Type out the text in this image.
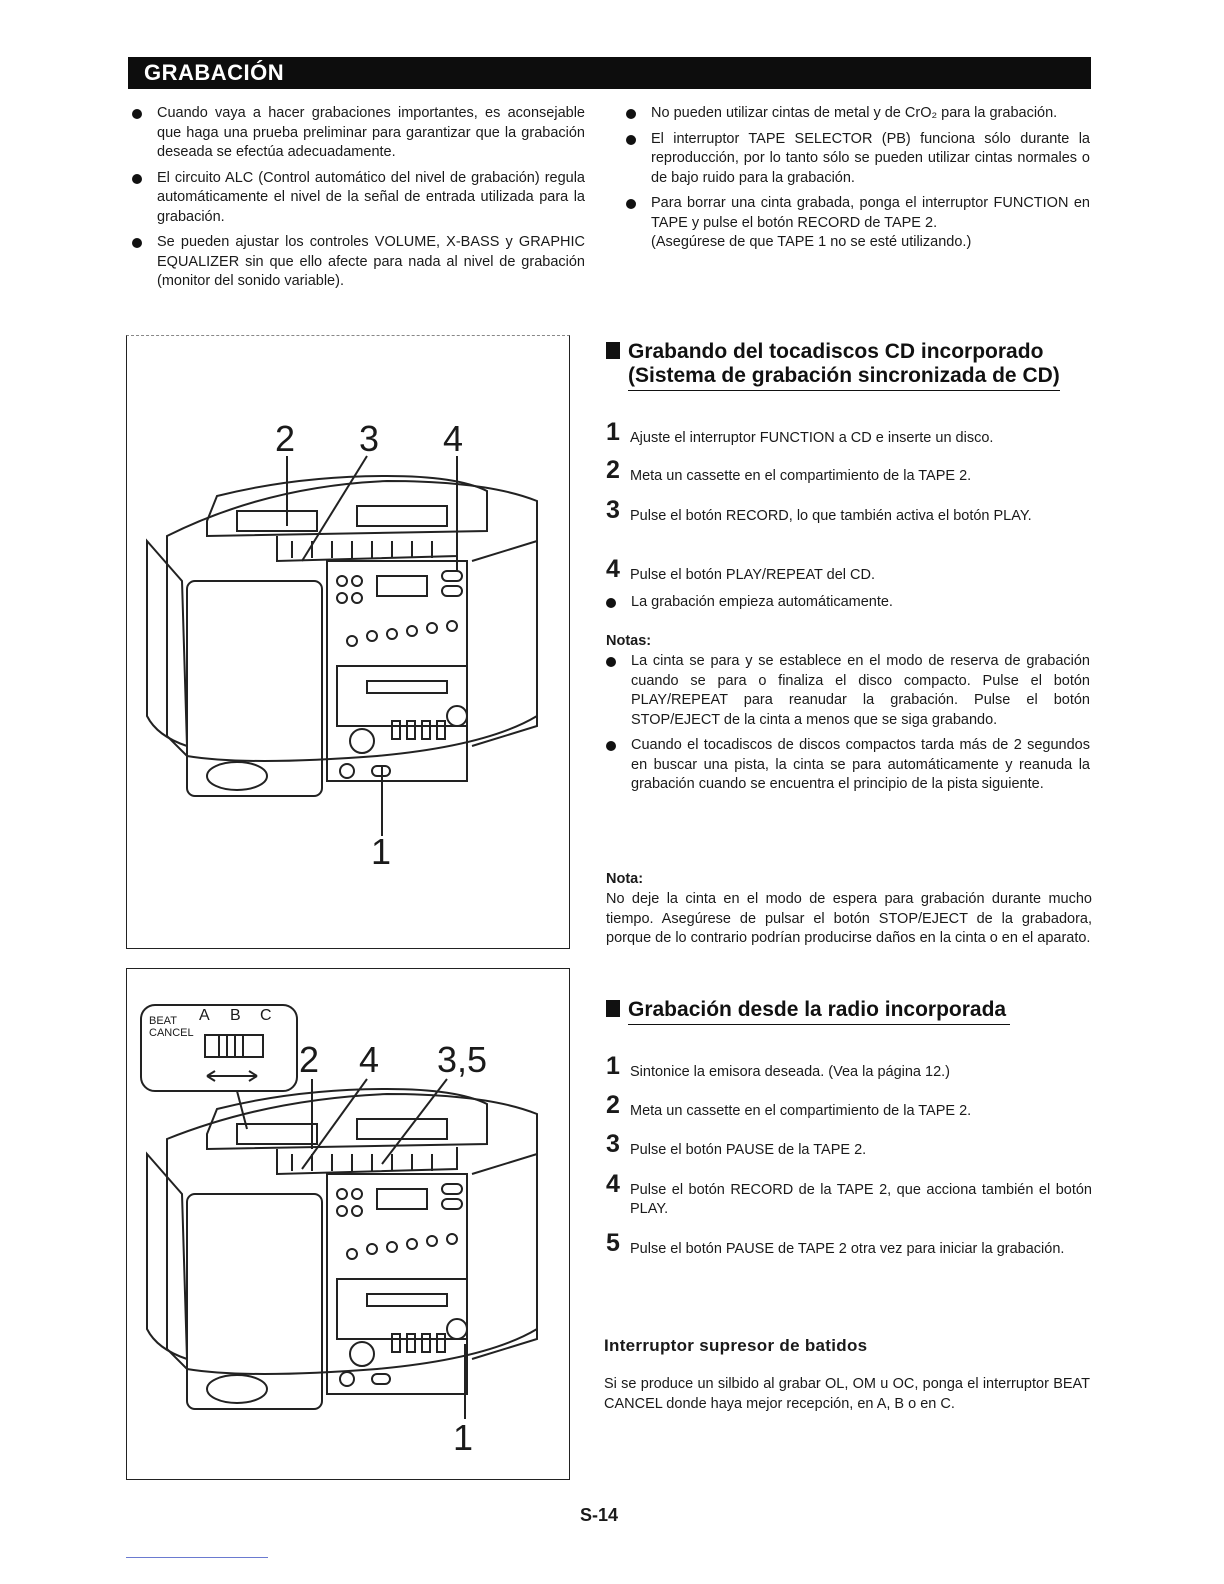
GRABACIÓN
Cuando vaya a hacer grabaciones importantes, es aconsejable que haga una prueba preliminar para garantizar que la grabación deseada se efectúa adecuadamente.
El circuito ALC (Control automático del nivel de grabación) regula automáticamente el nivel de la señal de entrada utilizada para la grabación.
Se pueden ajustar los controles VOLUME, X-BASS y GRAPHIC EQUALIZER sin que ello afecte para nada al nivel de grabación (monitor del sonido variable).
No pueden utilizar cintas de metal y de CrO₂ para la grabación.
El interruptor TAPE SELECTOR (PB) funciona sólo durante la reproducción, por lo tanto sólo se pueden utilizar cintas normales o de bajo ruido para la grabación.
Para borrar una cinta grabada, ponga el interruptor FUNCTION en TAPE y pulse el botón RECORD de TAPE 2.
(Asegúrese de que TAPE 1 no se esté utilizando.)
2 3 4
1
BEAT
CANCEL
A B C
2 4 3,5
1
Grabando del tocadiscos CD incorporado
(Sistema de grabación sincronizada de CD)
1 Ajuste el interruptor FUNCTION a CD e inserte un disco.
2 Meta un cassette en el compartimiento de la TAPE 2.
3 Pulse el botón RECORD, lo que también activa el botón PLAY.
4 Pulse el botón PLAY/REPEAT del CD.
La grabación empieza automáticamente.
Notas:
La cinta se para y se establece en el modo de reserva de grabación cuando se para o finaliza el disco compacto. Pulse el botón PLAY/REPEAT para reanudar la grabación. Pulse el botón STOP/EJECT de la cinta a menos que se siga grabando.
Cuando el tocadiscos de discos compactos tarda más de 2 segundos en buscar una pista, la cinta se para automáticamente y reanuda la grabación cuando se encuentra el principio de la pista siguiente.
Nota:
No deje la cinta en el modo de espera para grabación durante mucho tiempo. Asegúrese de pulsar el botón STOP/EJECT de la grabadora, porque de lo contrario podrían producirse daños en la cinta o en el aparato.
Grabación desde la radio incorporada
1 Sintonice la emisora deseada. (Vea la página 12.)
2 Meta un cassette en el compartimiento de la TAPE 2.
3 Pulse el botón PAUSE de la TAPE 2.
4 Pulse el botón RECORD de la TAPE 2, que acciona también el botón PLAY.
5 Pulse el botón PAUSE de TAPE 2 otra vez para iniciar la grabación.
Interruptor supresor de batidos
Si se produce un silbido al grabar OL, OM u OC, ponga el interruptor BEAT CANCEL donde haya mejor recepción, en A, B o en C.
S-14
